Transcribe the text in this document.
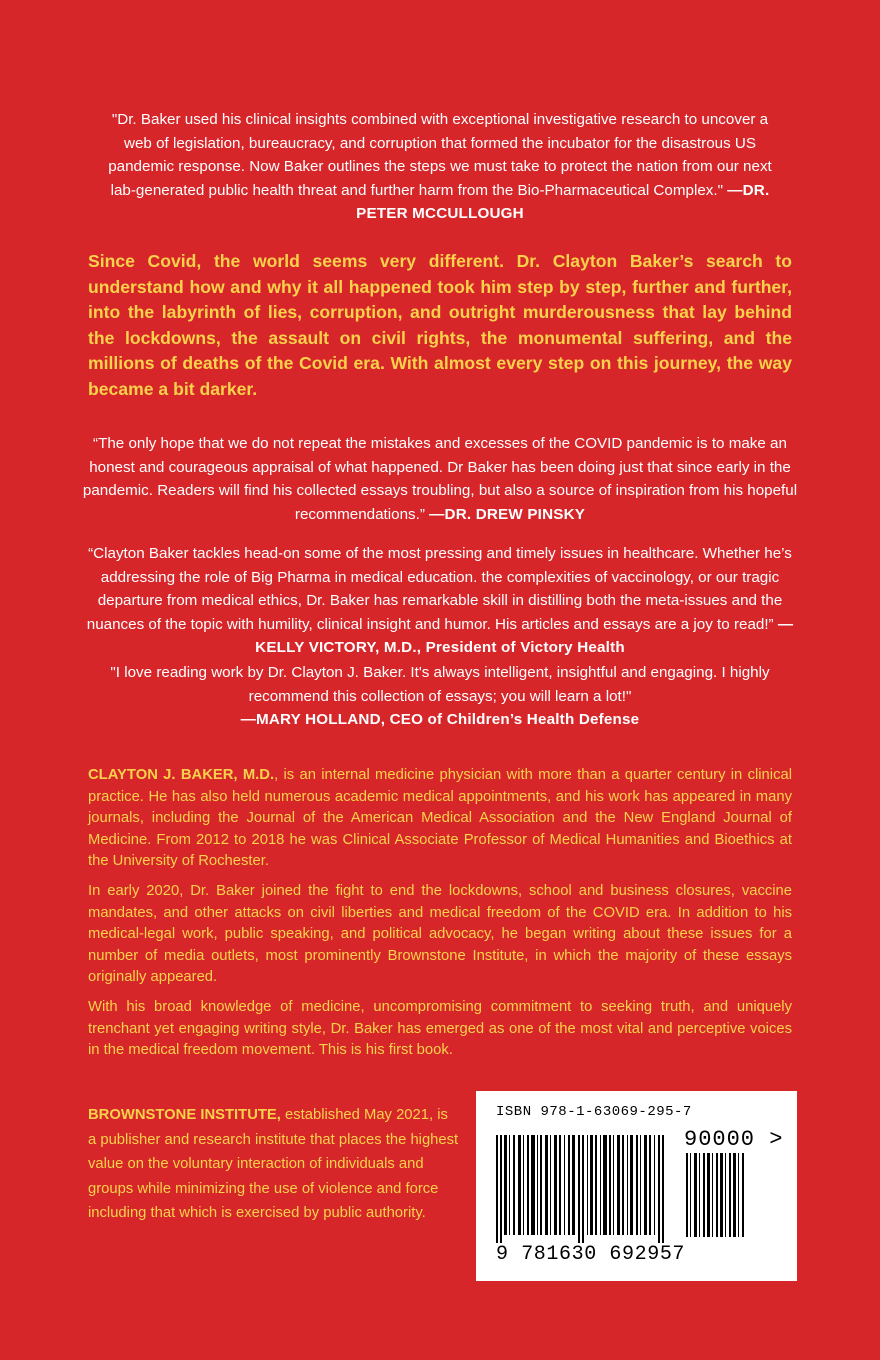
"Dr. Baker used his clinical insights combined with exceptional investigative research to uncover a web of legislation, bureaucracy, and corruption that formed the incubator for the disastrous US pandemic response. Now Baker outlines the steps we must take to protect the nation from our next lab-generated public health threat and further harm from the Bio-Pharmaceutical Complex." —DR. PETER MCCULLOUGH
Since Covid, the world seems very different. Dr. Clayton Baker’s search to understand how and why it all happened took him step by step, further and further, into the labyrinth of lies, corruption, and outright murderousness that lay behind the lockdowns, the assault on civil rights, the monumental suffering, and the millions of deaths of the Covid era. With almost every step on this journey, the way became a bit darker.
“The only hope that we do not repeat the mistakes and excesses of the COVID pandemic is to make an honest and courageous appraisal of what happened. Dr Baker has been doing just that since early in the pandemic. Readers will find his collected essays troubling, but also a source of inspiration from his hopeful recommendations.” —DR. DREW PINSKY
“Clayton Baker tackles head-on some of the most pressing and timely issues in healthcare. Whether he’s addressing the role of Big Pharma in medical education. the complexities of vaccinology, or our tragic departure from medical ethics, Dr. Baker has remarkable skill in distilling both the meta-issues and the nuances of the topic with humility, clinical insight and humor. His articles and essays are a joy to read!” —KELLY VICTORY, M.D., President of Victory Health
"I love reading work by Dr. Clayton J. Baker. It's always intelligent, insightful and engaging. I highly recommend this collection of essays; you will learn a lot!"
—MARY HOLLAND, CEO of Children’s Health Defense
CLAYTON J. BAKER, M.D., is an internal medicine physician with more than a quarter century in clinical practice. He has also held numerous academic medical appointments, and his work has appeared in many journals, including the Journal of the American Medical Association and the New England Journal of Medicine. From 2012 to 2018 he was Clinical Associate Professor of Medical Humanities and Bioethics at the University of Rochester.
In early 2020, Dr. Baker joined the fight to end the lockdowns, school and business closures, vaccine mandates, and other attacks on civil liberties and medical freedom of the COVID era. In addition to his medical-legal work, public speaking, and political advocacy, he began writing about these issues for a number of media outlets, most prominently Brownstone Institute, in which the majority of these essays originally appeared.
With his broad knowledge of medicine, uncompromising commitment to seeking truth, and uniquely trenchant yet engaging writing style, Dr. Baker has emerged as one of the most vital and perceptive voices in the medical freedom movement. This is his first book.
BROWNSTONE INSTITUTE, established May 2021, is a publisher and research institute that places the highest value on the voluntary interaction of individuals and groups while minimizing the use of violence and force including that which is exercised by public authority.
ISBN 978-1-63069-295-7
90000 >
9 781630 692957
